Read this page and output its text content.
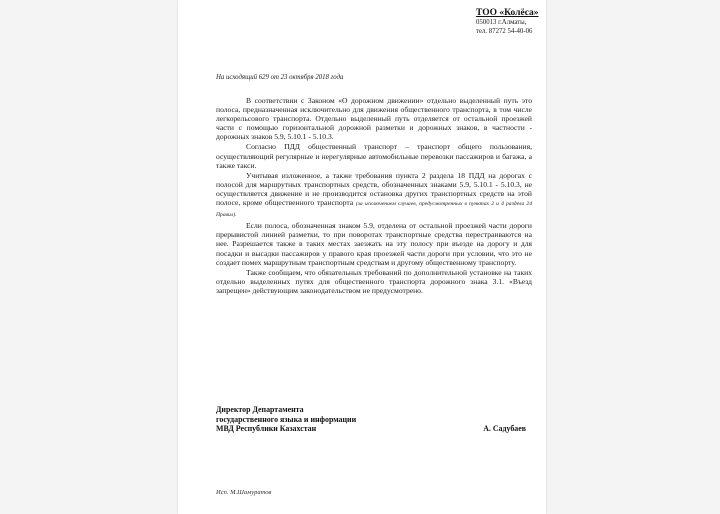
ТОО «Колёса»
050013 г.Алматы,
тел. 87272 54-40-06
На исходящий 629 от 23 октября 2018 года

В соответствии с Законом «О дорожном движении» отдельно выделенный путь это полоса, предназначенная исключительно для движения общественного транспорта, в том числе легкорельсового транспорта. Отдельно выделенный путь отделяется от остальной проезжей части с помощью горизонтальной дорожной разметки и дорожных знаков, в частности - дорожных знаков 5.9, 5.10.1 - 5.10.3.

Согласно ПДД общественный транспорт – транспорт общего пользования, осуществляющий регулярные и нерегулярные автомобильные перевозки пассажиров и багажа, а также такси.

Учитывая изложенное, а также требования пункта 2 раздела 18 ПДД на дорогах с полосой для маршрутных транспортных средств, обозначенных знаками 5.9, 5.10.1 - 5.10.3, не осуществляется движение и не производится остановка других транспортных средств на этой полосе, кроме общественного транспорта (за исключением случаев, предусмотренных в пунктах 2 и 4 раздела 24 Правил).

Если полоса, обозначенная знаком 5.9, отделена от остальной проезжей части дороги прерывистой линией разметки, то при поворотах транспортные средства перестраиваются на нее. Разрешается также в таких местах заезжать на эту полосу при въезде на дорогу и для посадки и высадки пассажиров у правого края проезжей части дороги при условии, что это не создает помех маршрутным транспортным средствам и другому общественному транспорту.

Также сообщаем, что обязательных требований по дополнительной установке на таких отдельно выделенных путях для общественного транспорта дорожного знака 3.1. «Въезд запрещен» действующим законодательством не предусмотрено.

Директор Департамента
государственного языка и информации
МВД Республики Казахстан	А. Садубаев
Исп. М.Шамуратов
